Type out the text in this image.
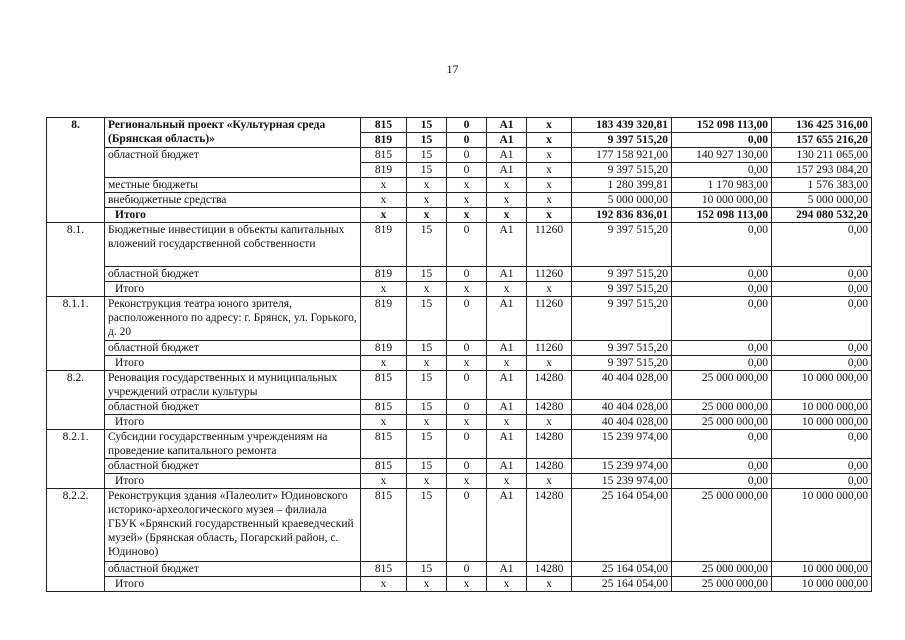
17
8.	Региональный проект «Культурная среда (Брянская область)»	815	15	0	A1	x	183 439 320,81	152 098 113,00	136 425 316,00
		819	15	0	A1	x	9 397 515,20	0,00	157 655 216,20
	областной бюджет	815	15	0	A1	x	177 158 921,00	140 927 130,00	130 211 065,00
		819	15	0	A1	x	9 397 515,20	0,00	157 293 084,20
	местные бюджеты	x	x	x	x	x	1 280 399,81	1 170 983,00	1 576 383,00
	внебюджетные средства	x	x	x	x	x	5 000 000,00	10 000 000,00	5 000 000,00
	Итого	x	x	x	x	x	192 836 836,01	152 098 113,00	294 080 532,20
8.1.	Бюджетные инвестиции в объекты капитальных вложений государственной собственности	819	15	0	A1	11260	9 397 515,20	0,00	0,00
	областной бюджет	819	15	0	A1	11260	9 397 515,20	0,00	0,00
	Итого	x	x	x	x	x	9 397 515,20	0,00	0,00
8.1.1.	Реконструкция театра юного зрителя, расположенного по адресу: г. Брянск, ул. Горького, д. 20	819	15	0	A1	11260	9 397 515,20	0,00	0,00
	областной бюджет	819	15	0	A1	11260	9 397 515,20	0,00	0,00
	Итого	x	x	x	x	x	9 397 515,20	0,00	0,00
8.2.	Реновация государственных и муниципальных учреждений отрасли культуры	815	15	0	A1	14280	40 404 028,00	25 000 000,00	10 000 000,00
	областной бюджет	815	15	0	A1	14280	40 404 028,00	25 000 000,00	10 000 000,00
	Итого	x	x	x	x	x	40 404 028,00	25 000 000,00	10 000 000,00
8.2.1.	Субсидии государственным учреждениям на проведение капитального ремонта	815	15	0	A1	14280	15 239 974,00	0,00	0,00
	областной бюджет	815	15	0	A1	14280	15 239 974,00	0,00	0,00
	Итого	x	x	x	x	x	15 239 974,00	0,00	0,00
8.2.2.	Реконструкция здания «Палеолит» Юдиновского историко-археологического музея – филиала ГБУК «Брянский государственный краеведческий музей» (Брянская область, Погарский район, с. Юдиново)	815	15	0	A1	14280	25 164 054,00	25 000 000,00	10 000 000,00
	областной бюджет	815	15	0	A1	14280	25 164 054,00	25 000 000,00	10 000 000,00
	Итого	x	x	x	x	x	25 164 054,00	25 000 000,00	10 000 000,00
